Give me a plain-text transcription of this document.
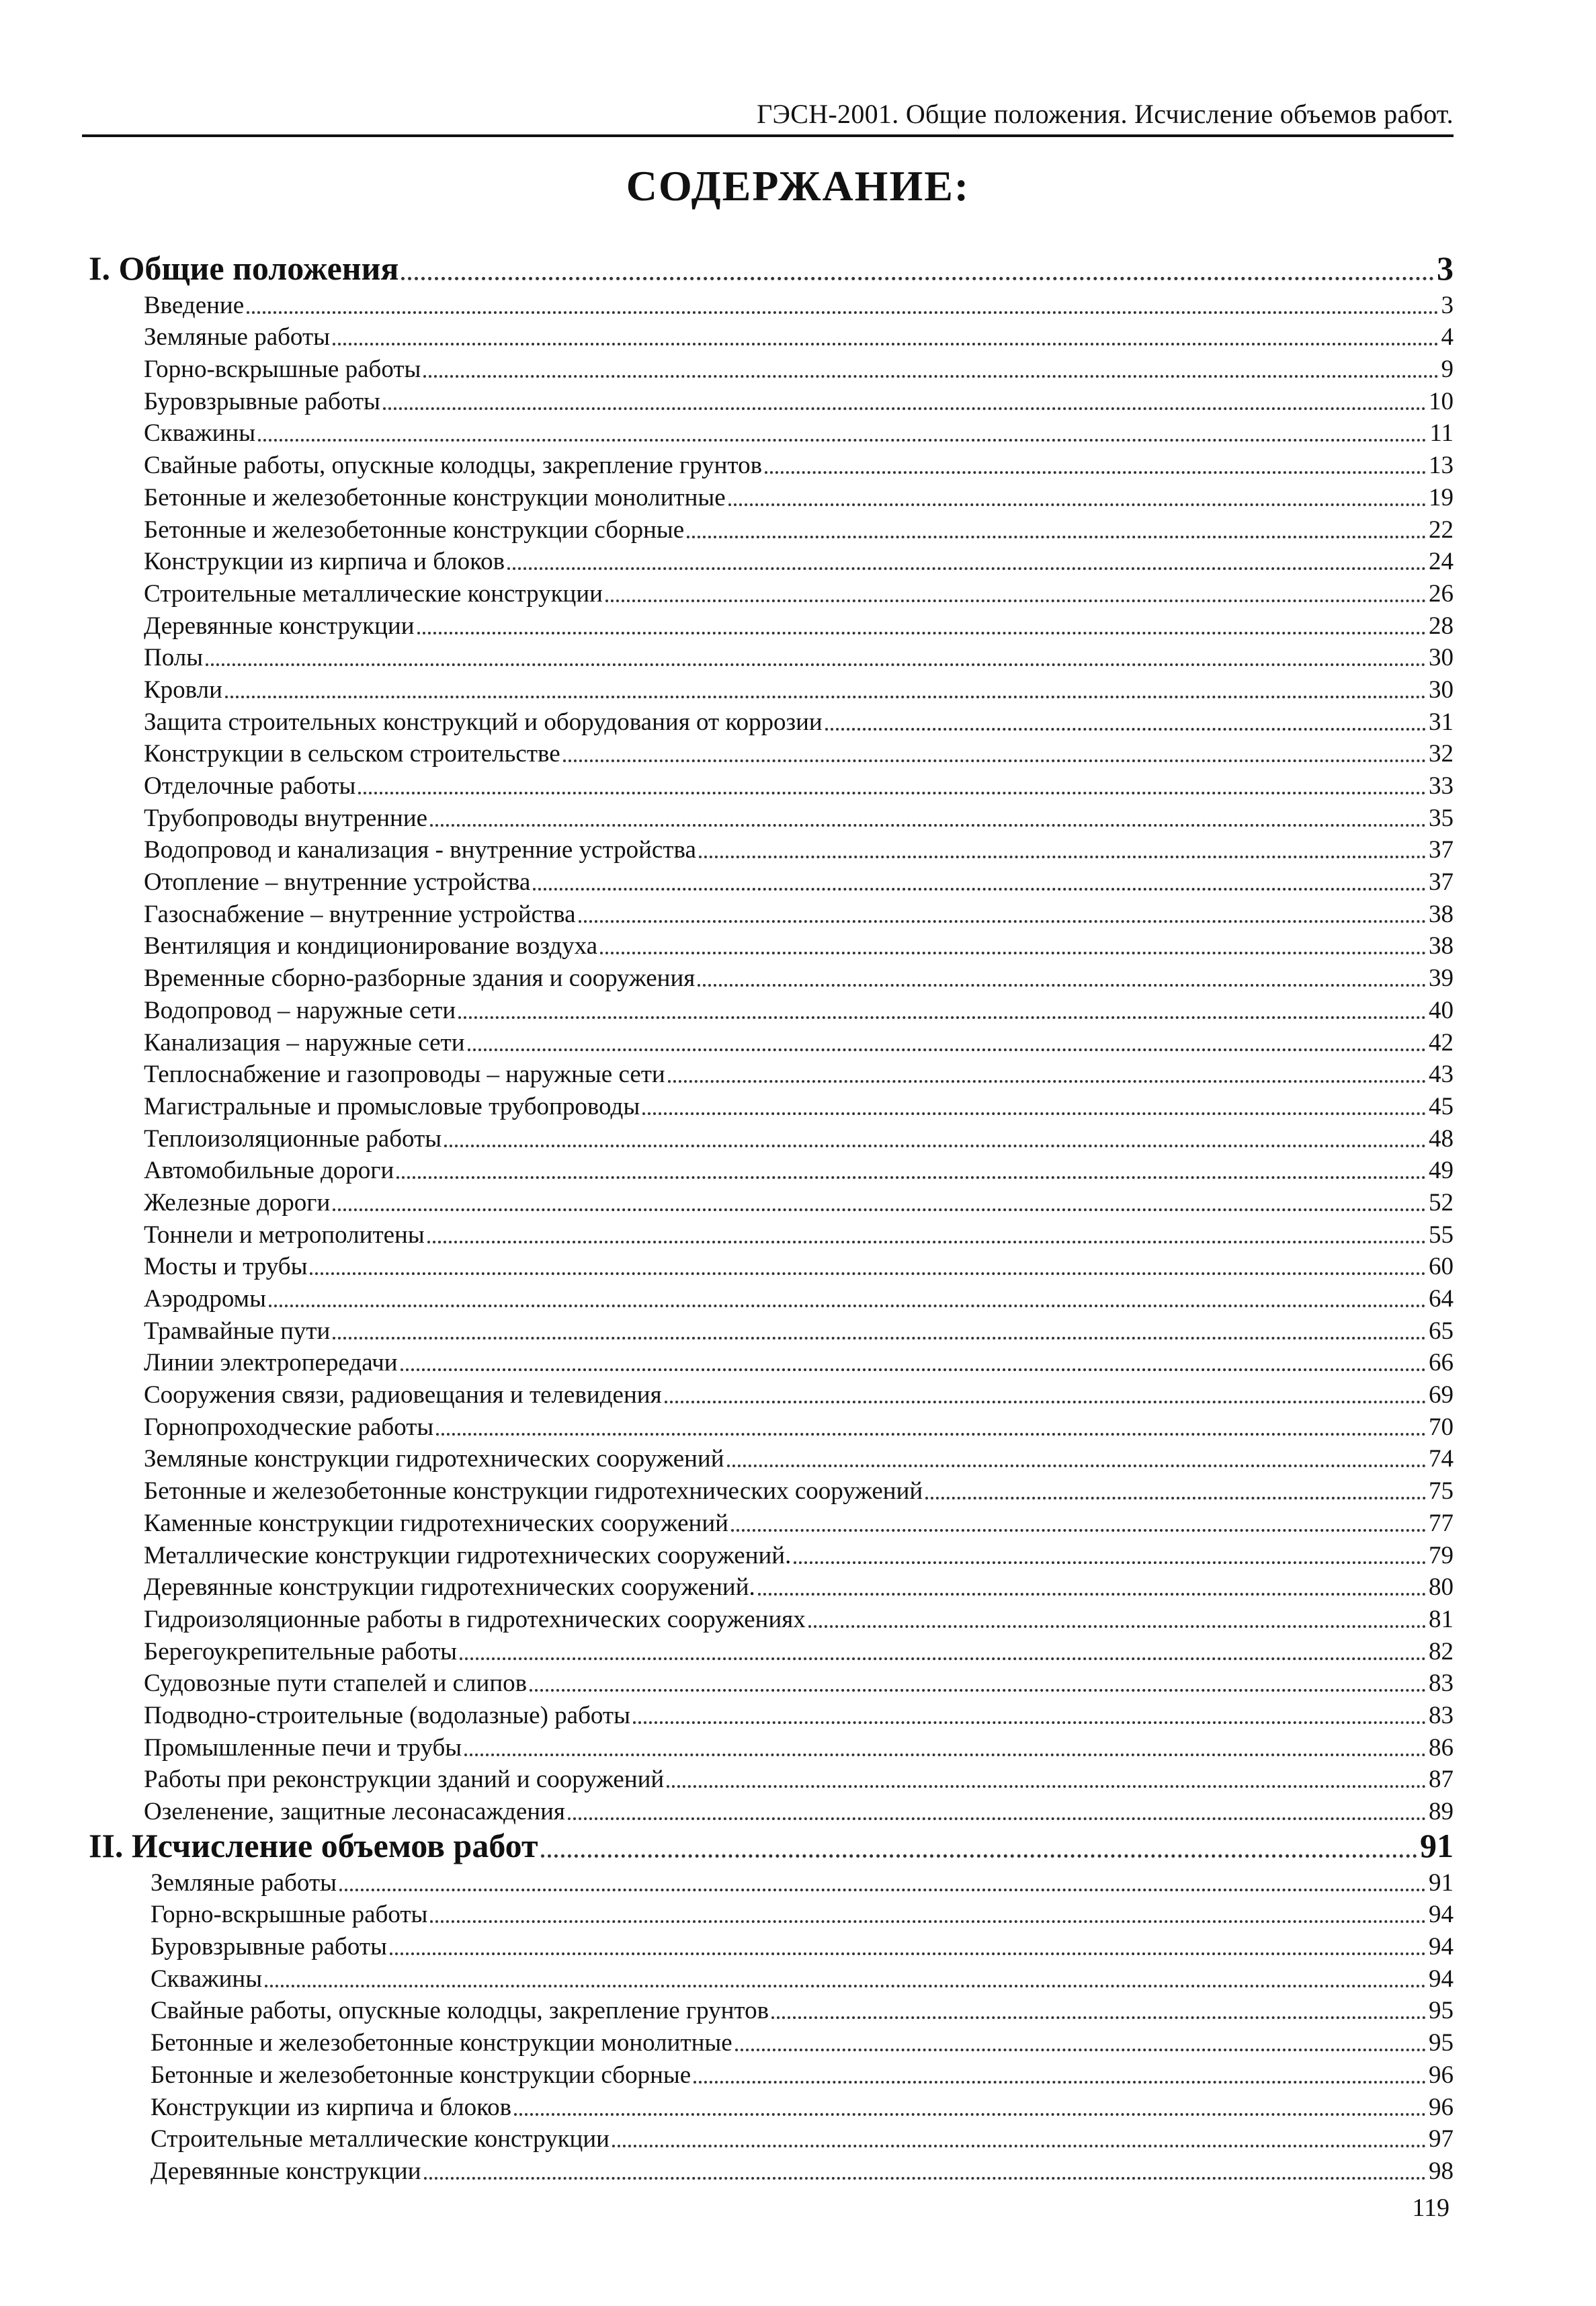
ГЭСН-2001. Общие положения. Исчисление объемов работ.
СОДЕРЖАНИЕ:
I. Общие положения	3
Введение	3
Земляные работы	4
Горно-вскрышные работы	9
Буровзрывные работы	10
Скважины	11
Свайные работы, опускные колодцы, закрепление грунтов	13
Бетонные и железобетонные конструкции монолитные	19
Бетонные и железобетонные конструкции сборные	22
Конструкции из кирпича и блоков	24
Строительные металлические конструкции	26
Деревянные конструкции	28
Полы	30
Кровли	30
Защита строительных конструкций и оборудования от коррозии	31
Конструкции в сельском строительстве	32
Отделочные работы	33
Трубопроводы внутренние	35
Водопровод и канализация - внутренние устройства	37
Отопление – внутренние устройства	37
Газоснабжение – внутренние устройства	38
Вентиляция и кондиционирование воздуха	38
Временные сборно-разборные здания и сооружения	39
Водопровод – наружные сети	40
Канализация – наружные сети	42
Теплоснабжение и газопроводы – наружные сети	43
Магистральные и промысловые трубопроводы	45
Теплоизоляционные работы	48
Автомобильные дороги	49
Железные дороги	52
Тоннели и метрополитены	55
Мосты и трубы	60
Аэродромы	64
Трамвайные пути	65
Линии электропередачи	66
Сооружения связи, радиовещания и телевидения	69
Горнопроходческие работы	70
Земляные конструкции гидротехнических сооружений	74
Бетонные и железобетонные конструкции гидротехнических сооружений	75
Каменные конструкции гидротехнических сооружений	77
Металлические конструкции гидротехнических сооружений.	79
Деревянные конструкции гидротехнических сооружений.	80
Гидроизоляционные работы в гидротехнических сооружениях	81
Берегоукрепительные работы	82
Судовозные пути стапелей и слипов	83
Подводно-строительные (водолазные) работы	83
Промышленные печи и трубы	86
Работы при реконструкции зданий и сооружений	87
Озеленение, защитные лесонасаждения	89
II. Исчисление объемов работ	91
Земляные работы	91
Горно-вскрышные работы	94
Буровзрывные работы	94
Скважины	94
Свайные работы, опускные колодцы, закрепление грунтов	95
Бетонные и железобетонные конструкции монолитные	95
Бетонные и железобетонные конструкции сборные	96
Конструкции из кирпича и блоков	96
Строительные металлические конструкции	97
Деревянные конструкции	98
119
